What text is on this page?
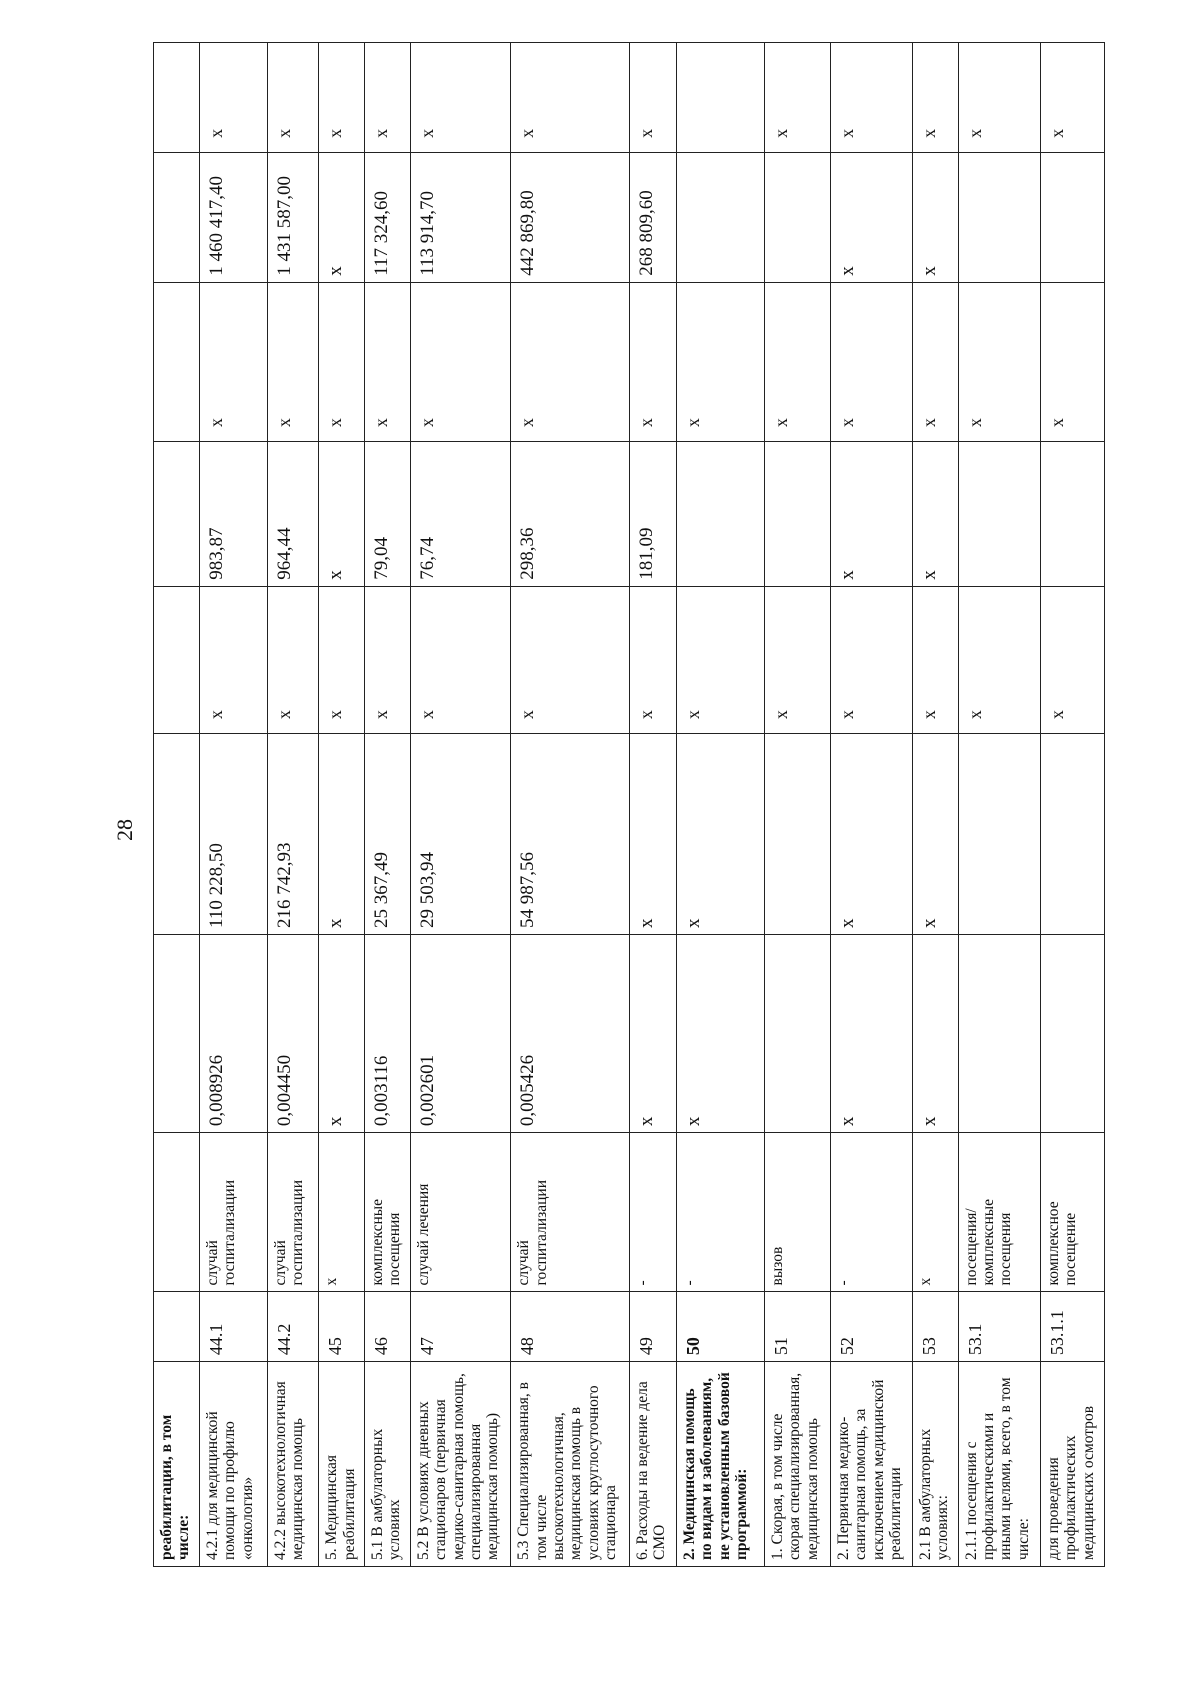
28
реабилитации, в том числе:									
4.2.1 для медицинской помощи по профилю «онкология»	44.1	случай госпитализации	0,008926	110 228,50	х	983,87	х	1 460 417,40	х
4.2.2 высокотехнологичная медицинская помощь	44.2	случай госпитализации	0,004450	216 742,93	х	964,44	х	1 431 587,00	х
5. Медицинская реабилитация	45	х	х	х	х	х	х	х	х
5.1 В амбулаторных условиях	46	комплексные посещения	0,003116	25 367,49	х	79,04	х	117 324,60	х
5.2 В условиях дневных стационаров (первичная медико-санитарная помощь, специализированная медицинская помощь)	47	случай лечения	0,002601	29 503,94	х	76,74	х	113 914,70	х
5.3 Специализированная, в том числе высокотехнологичная, медицинская помощь в условиях круглосуточного стационара	48	случай госпитализации	0,005426	54 987,56	х	298,36	х	442 869,80	х
6. Расходы на ведение дела СМО	49	-	х	х	х	181,09	х	268 809,60	х
2. Медицинская помощь по видам и заболеваниям, не установленным базовой программой:	50	-	х	х	х		х		
1. Скорая, в том числе скорая специализированная, медицинская помощь	51	вызов			х		х		х
2. Первичная медико-санитарная помощь, за исключением медицинской реабилитации	52	-	х	х	х	х	х	х	х
2.1 В амбулаторных условиях:	53	х	х	х	х	х	х	х	х
2.1.1 посещения с профилактическими и иными целями, всего, в том числе:	53.1	посещения/ комплексные посещения			х		х		х
для проведения профилактических медицинских осмотров	53.1.1	комплексное посещение			х		х		х
